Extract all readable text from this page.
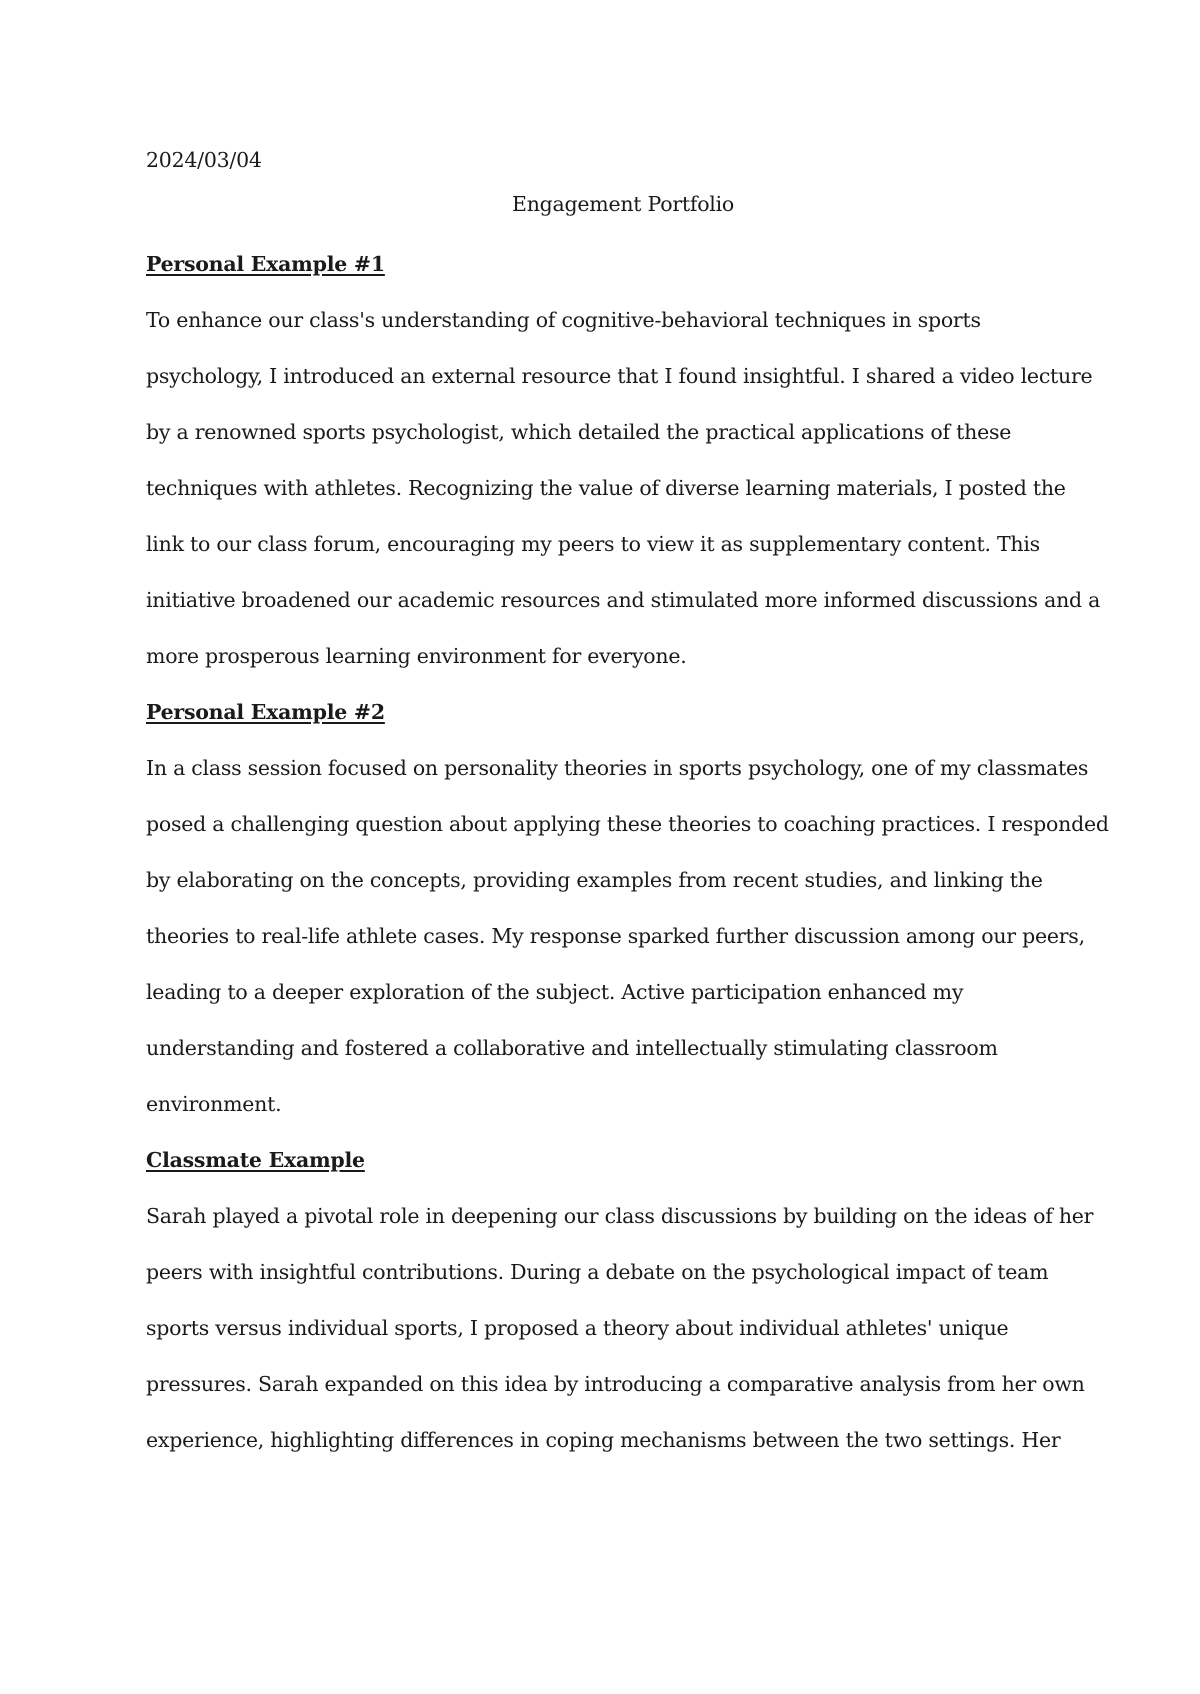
2024/03/04
Engagement Portfolio
Personal Example #1
To enhance our class's understanding of cognitive-behavioral techniques in sports
psychology, I introduced an external resource that I found insightful. I shared a video lecture
by a renowned sports psychologist, which detailed the practical applications of these
techniques with athletes. Recognizing the value of diverse learning materials, I posted the
link to our class forum, encouraging my peers to view it as supplementary content. This
initiative broadened our academic resources and stimulated more informed discussions and a
more prosperous learning environment for everyone.
Personal Example #2
In a class session focused on personality theories in sports psychology, one of my classmates
posed a challenging question about applying these theories to coaching practices. I responded
by elaborating on the concepts, providing examples from recent studies, and linking the
theories to real-life athlete cases. My response sparked further discussion among our peers,
leading to a deeper exploration of the subject. Active participation enhanced my
understanding and fostered a collaborative and intellectually stimulating classroom
environment.
Classmate Example
Sarah played a pivotal role in deepening our class discussions by building on the ideas of her
peers with insightful contributions. During a debate on the psychological impact of team
sports versus individual sports, I proposed a theory about individual athletes' unique
pressures. Sarah expanded on this idea by introducing a comparative analysis from her own
experience, highlighting differences in coping mechanisms between the two settings. Her
